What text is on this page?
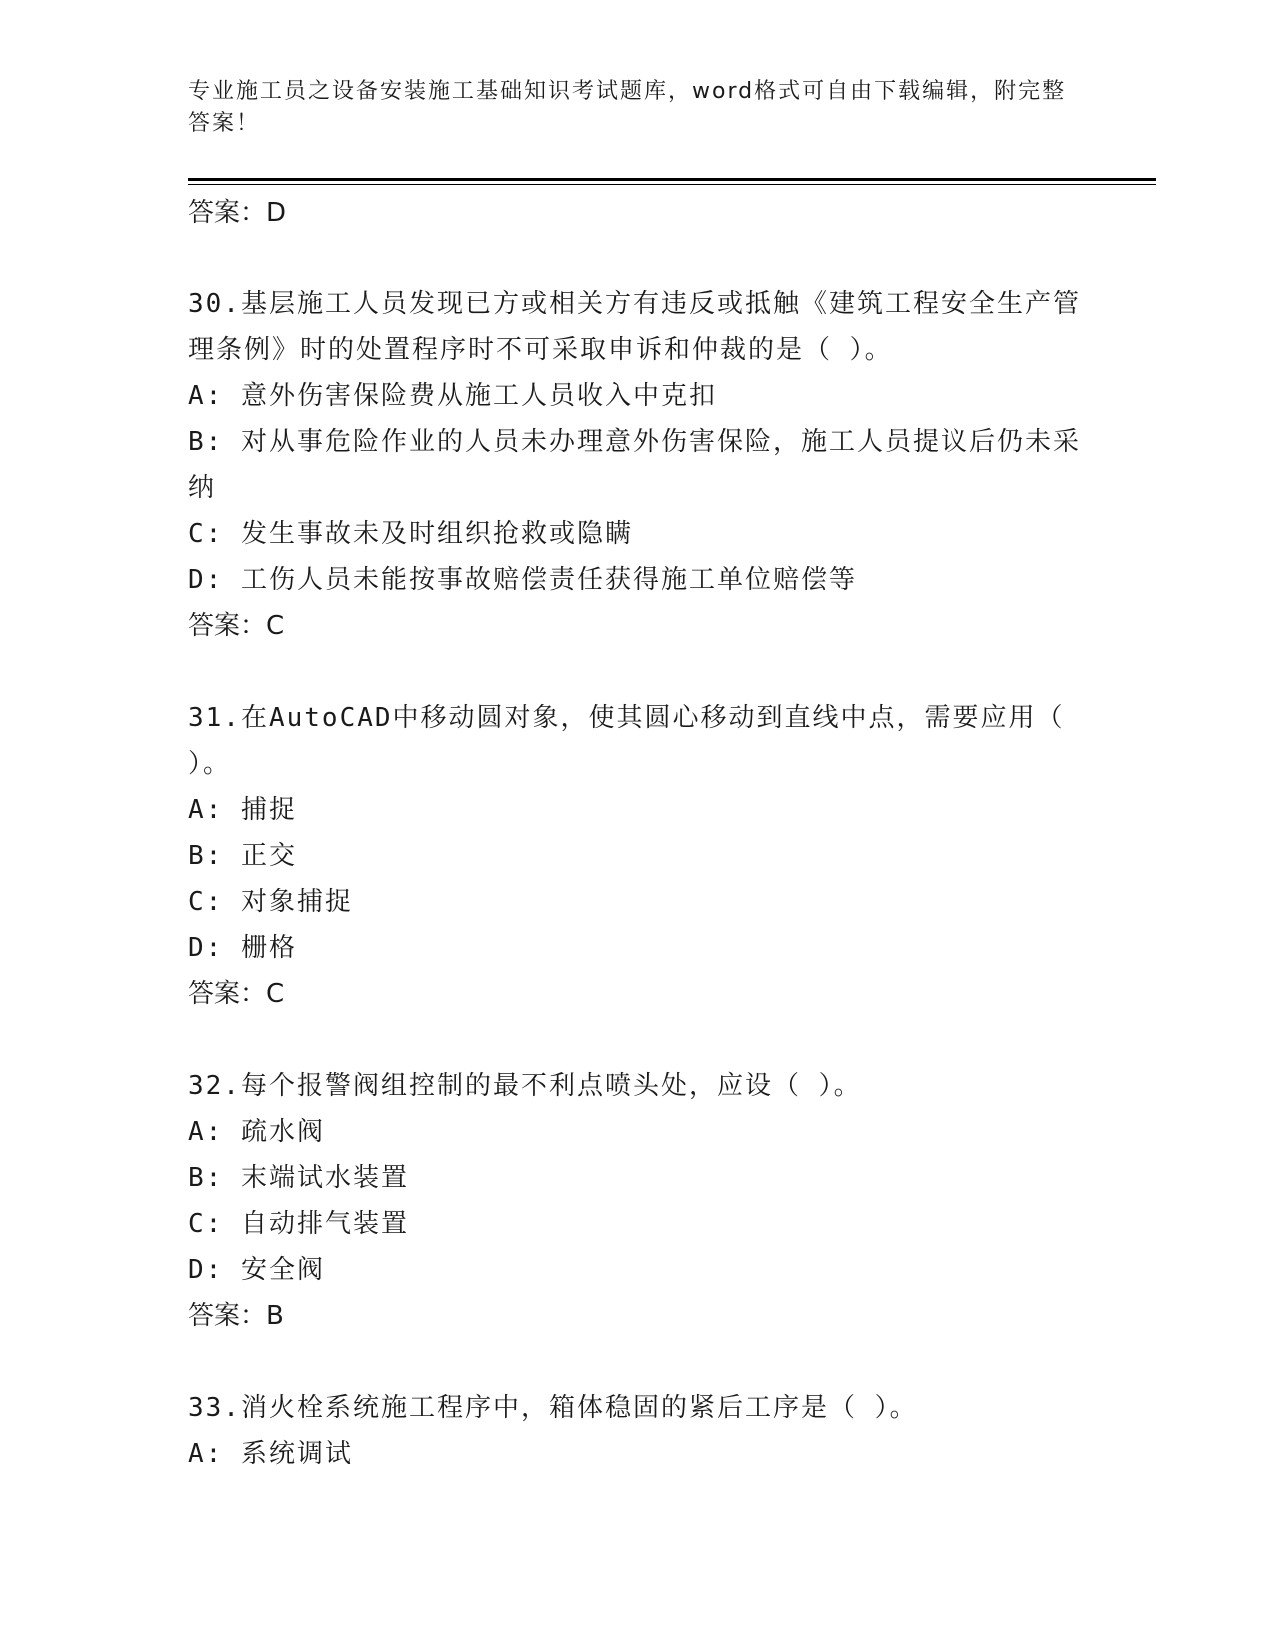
专业施工员之设备安装施工基础知识考试题库，word格式可自由下载编辑，附完整答案！
答案：D
30.基层施工人员发现已方或相关方有违反或抵触《建筑工程安全生产管理条例》时的处置程序时不可采取申诉和仲裁的是（ ）。
A: 意外伤害保险费从施工人员收入中克扣
B: 对从事危险作业的人员未办理意外伤害保险，施工人员提议后仍未采纳
C: 发生事故未及时组织抢救或隐瞒
D: 工伤人员未能按事故赔偿责任获得施工单位赔偿等
答案：C
31.在AutoCAD中移动圆对象，使其圆心移动到直线中点，需要应用（ ）。
A: 捕捉
B: 正交
C: 对象捕捉
D: 栅格
答案：C
32.每个报警阀组控制的最不利点喷头处，应设（ ）。
A: 疏水阀
B: 末端试水装置
C: 自动排气装置
D: 安全阀
答案：B
33.消火栓系统施工程序中，箱体稳固的紧后工序是（ ）。
A: 系统调试
